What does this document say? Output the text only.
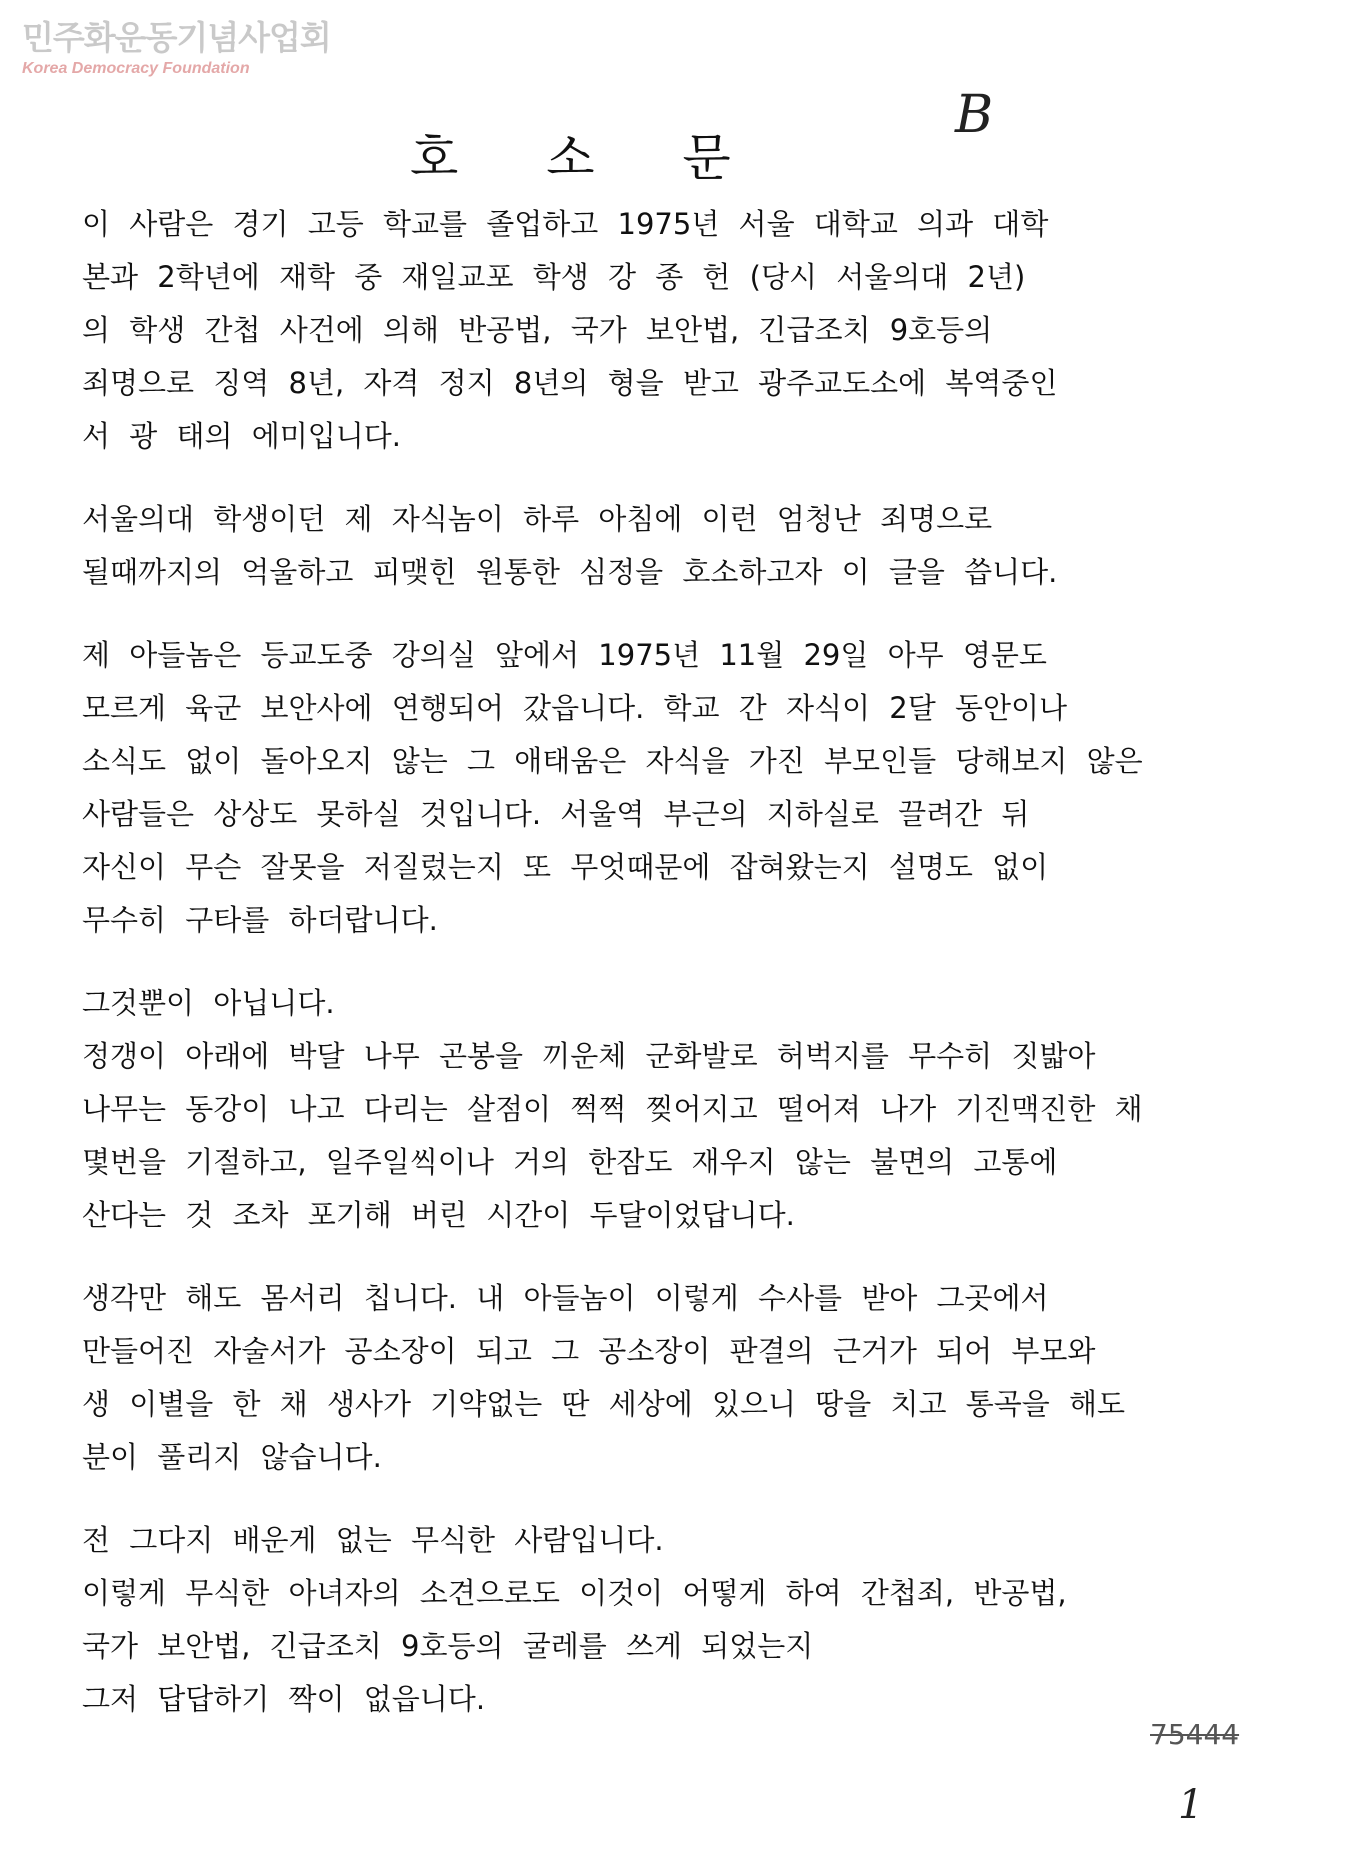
민주화운동기념사업회
Korea Democracy Foundation
B
호 소 문
이 사람은 경기 고등 학교를 졸업하고 1975년 서울 대학교 의과 대학
본과 2학년에 재학 중 재일교포 학생 강 종 헌 (당시 서울의대 2년)
의 학생 간첩 사건에 의해 반공법, 국가 보안법, 긴급조치 9호등의
죄명으로 징역 8년, 자격 정지 8년의 형을 받고 광주교도소에 복역중인
서 광 태의 에미입니다.
서울의대 학생이던 제 자식놈이 하루 아침에 이런 엄청난 죄명으로
될때까지의 억울하고 피맺힌 원통한 심정을 호소하고자 이 글을 씁니다.
제 아들놈은 등교도중 강의실 앞에서 1975년 11월 29일 아무 영문도
모르게 육군 보안사에 연행되어 갔읍니다. 학교 간 자식이 2달 동안이나
소식도 없이 돌아오지 않는 그 애태움은 자식을 가진 부모인들 당해보지 않은
사람들은 상상도 못하실 것입니다. 서울역 부근의 지하실로 끌려간 뒤
자신이 무슨 잘못을 저질렀는지 또 무엇때문에 잡혀왔는지 설명도 없이
무수히 구타를 하더랍니다.
그것뿐이 아닙니다.
정갱이 아래에 박달 나무 곤봉을 끼운체 군화발로 허벅지를 무수히 짓밟아
나무는 동강이 나고 다리는 살점이 쩍쩍 찢어지고 떨어져 나가 기진맥진한 채
몇번을 기절하고, 일주일씩이나 거의 한잠도 재우지 않는 불면의 고통에
산다는 것 조차 포기해 버린 시간이 두달이었답니다.
생각만 해도 몸서리 칩니다. 내 아들놈이 이렇게 수사를 받아 그곳에서
만들어진 자술서가 공소장이 되고 그 공소장이 판결의 근거가 되어 부모와
생 이별을 한 채 생사가 기약없는 딴 세상에 있으니 땅을 치고 통곡을 해도
분이 풀리지 않습니다.
전 그다지 배운게 없는 무식한 사람입니다.
이렇게 무식한 아녀자의 소견으로도 이것이 어떻게 하여 간첩죄, 반공법,
국가 보안법, 긴급조치 9호등의 굴레를 쓰게 되었는지
그저 답답하기 짝이 없읍니다.
75444
1
